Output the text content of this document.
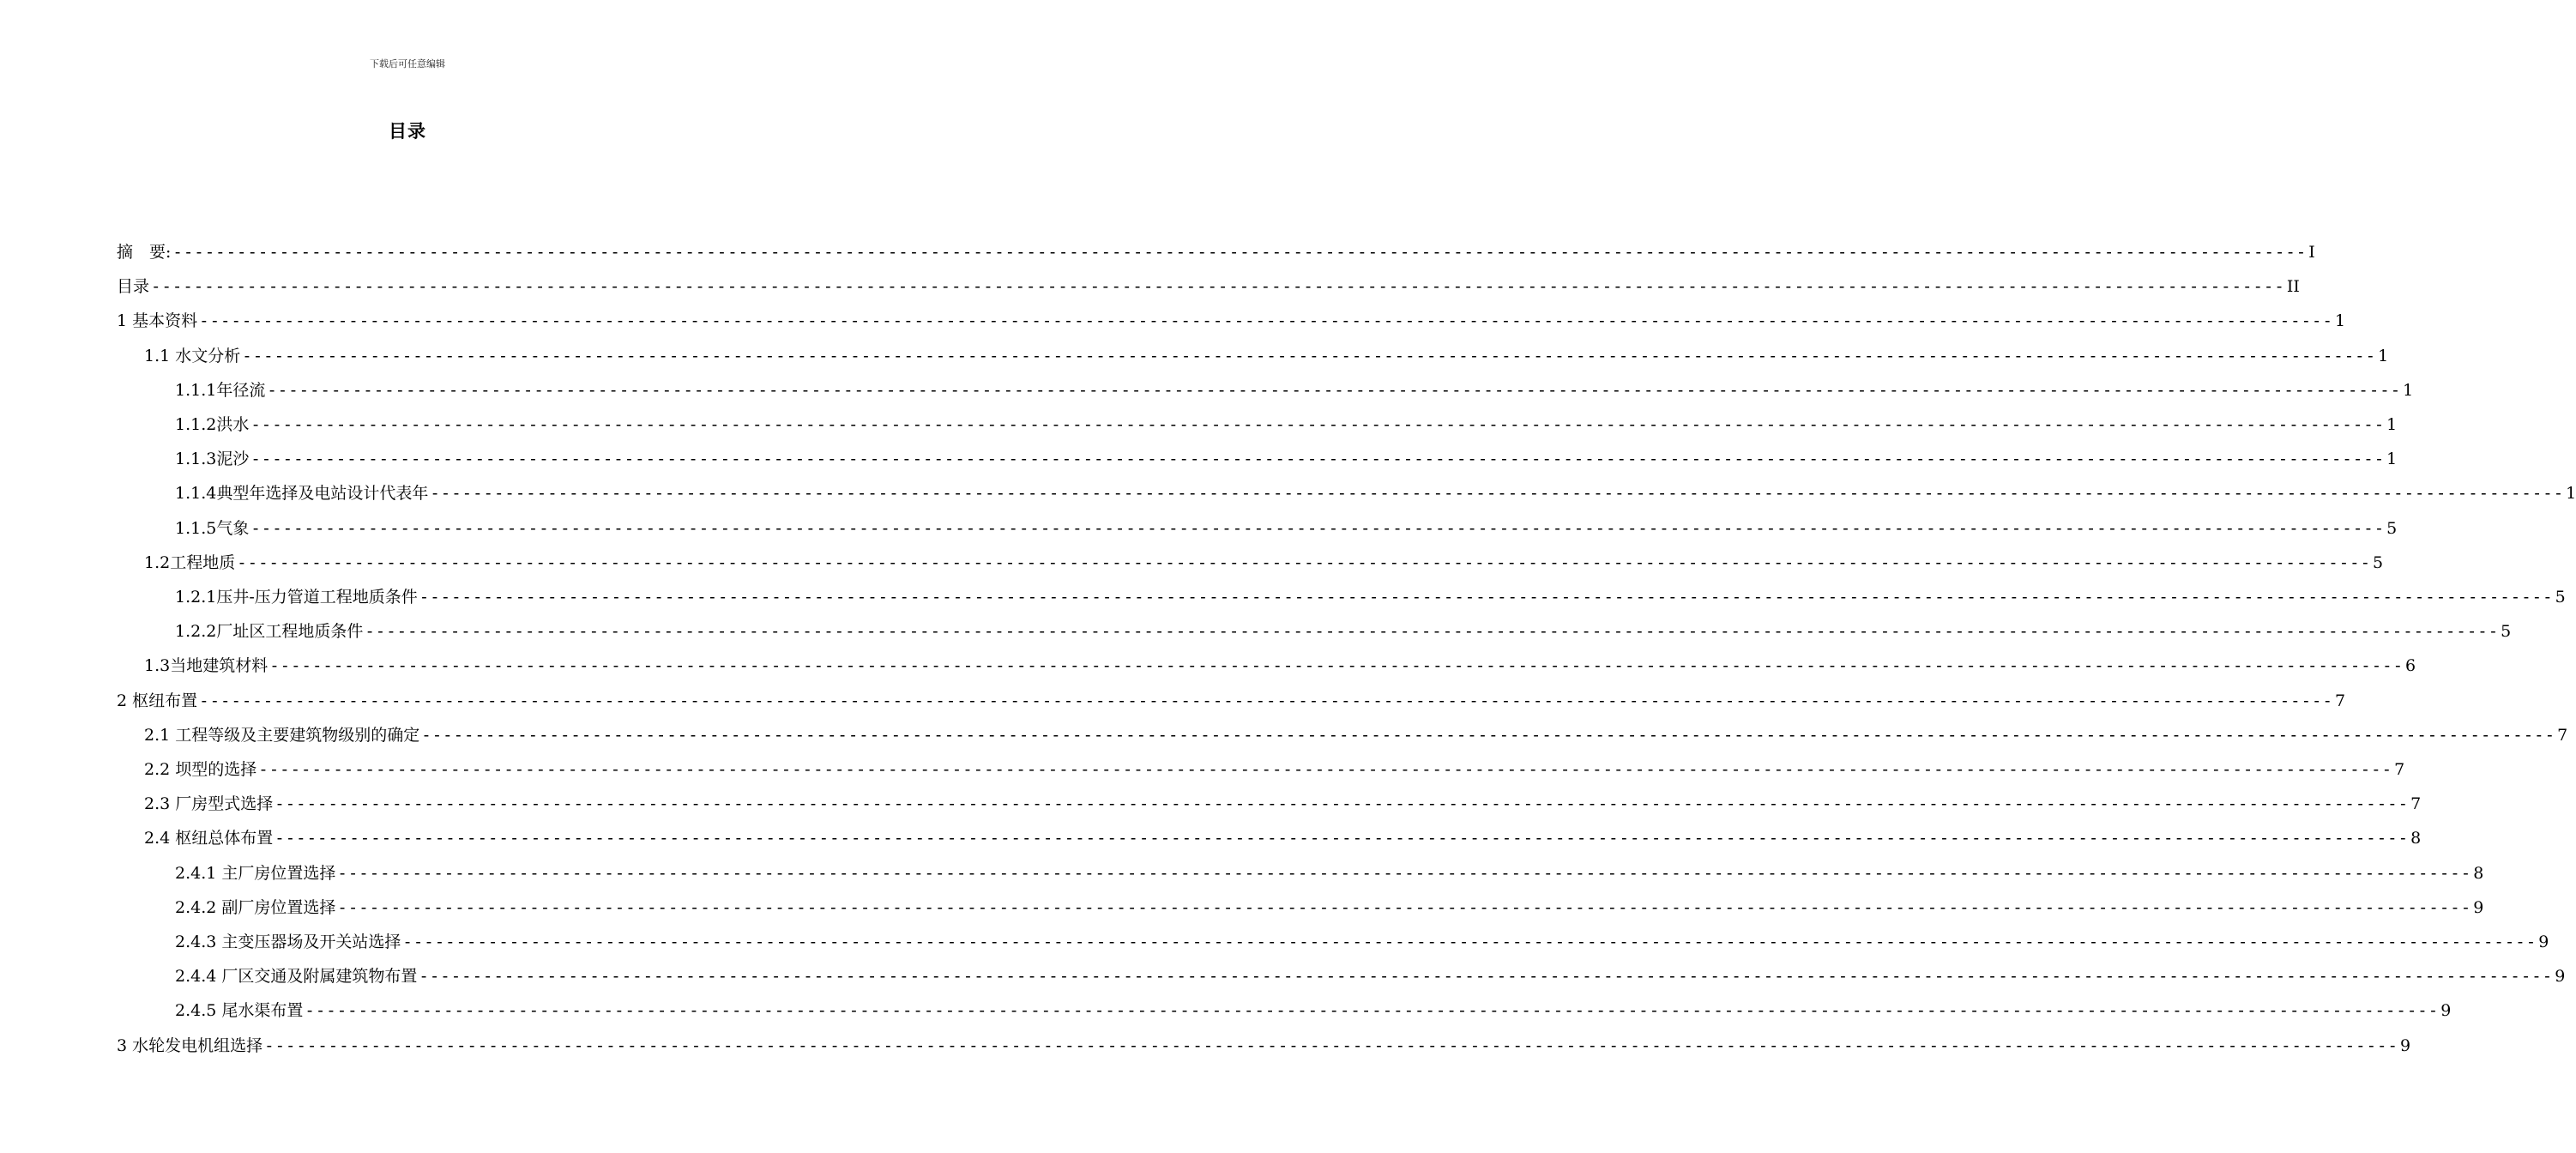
下载后可任意编辑
目录
摘　要: -------------------------------------------------------------------------------------------------------------------------------------------------------------------------------------------------------- I
目录 -------------------------------------------------------------------------------------------------------------------------------------------------------------------------------------------------------- II
1 基本资料 -------------------------------------------------------------------------------------------------------------------------------------------------------------------------------------------------------- 1
1.1 水文分析 -------------------------------------------------------------------------------------------------------------------------------------------------------------------------------------------------------- 1
1.1.1年径流 -------------------------------------------------------------------------------------------------------------------------------------------------------------------------------------------------------- 1
1.1.2洪水 -------------------------------------------------------------------------------------------------------------------------------------------------------------------------------------------------------- 1
1.1.3泥沙 -------------------------------------------------------------------------------------------------------------------------------------------------------------------------------------------------------- 1
1.1.4典型年选择及电站设计代表年 -------------------------------------------------------------------------------------------------------------------------------------------------------------------------------------------------------- 1
1.1.5气象 -------------------------------------------------------------------------------------------------------------------------------------------------------------------------------------------------------- 5
1.2工程地质 -------------------------------------------------------------------------------------------------------------------------------------------------------------------------------------------------------- 5
1.2.1压井-压力管道工程地质条件 -------------------------------------------------------------------------------------------------------------------------------------------------------------------------------------------------------- 5
1.2.2厂址区工程地质条件 -------------------------------------------------------------------------------------------------------------------------------------------------------------------------------------------------------- 5
1.3当地建筑材料 -------------------------------------------------------------------------------------------------------------------------------------------------------------------------------------------------------- 6
2 枢纽布置 -------------------------------------------------------------------------------------------------------------------------------------------------------------------------------------------------------- 7
2.1 工程等级及主要建筑物级别的确定 -------------------------------------------------------------------------------------------------------------------------------------------------------------------------------------------------------- 7
2.2 坝型的选择 -------------------------------------------------------------------------------------------------------------------------------------------------------------------------------------------------------- 7
2.3 厂房型式选择 -------------------------------------------------------------------------------------------------------------------------------------------------------------------------------------------------------- 7
2.4 枢纽总体布置 -------------------------------------------------------------------------------------------------------------------------------------------------------------------------------------------------------- 8
2.4.1 主厂房位置选择 -------------------------------------------------------------------------------------------------------------------------------------------------------------------------------------------------------- 8
2.4.2 副厂房位置选择 -------------------------------------------------------------------------------------------------------------------------------------------------------------------------------------------------------- 9
2.4.3 主变压器场及开关站选择 -------------------------------------------------------------------------------------------------------------------------------------------------------------------------------------------------------- 9
2.4.4 厂区交通及附属建筑物布置 -------------------------------------------------------------------------------------------------------------------------------------------------------------------------------------------------------- 9
2.4.5 尾水渠布置 -------------------------------------------------------------------------------------------------------------------------------------------------------------------------------------------------------- 9
3 水轮发电机组选择 -------------------------------------------------------------------------------------------------------------------------------------------------------------------------------------------------------- 9
